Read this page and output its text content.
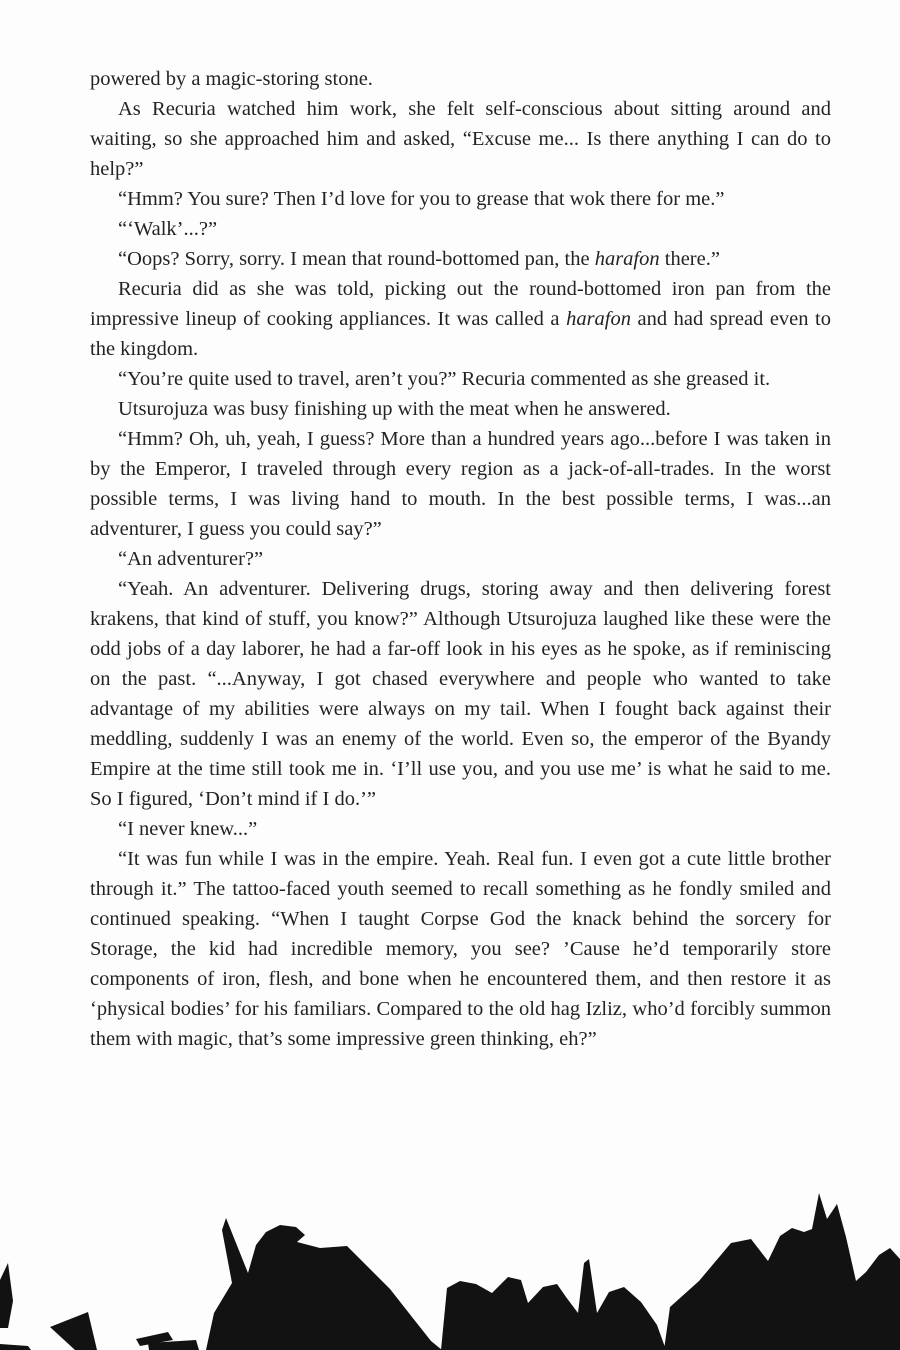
powered by a magic-storing stone.

As Recuria watched him work, she felt self-conscious about sitting around and waiting, so she approached him and asked, “Excuse me... Is there anything I can do to help?”

“Hmm? You sure? Then I’d love for you to grease that wok there for me.”

“‘Walk’...?”

“Oops? Sorry, sorry. I mean that round-bottomed pan, the harafon there.”

Recuria did as she was told, picking out the round-bottomed iron pan from the impressive lineup of cooking appliances. It was called a harafon and had spread even to the kingdom.

“You’re quite used to travel, aren’t you?” Recuria commented as she greased it.

Utsurojuza was busy finishing up with the meat when he answered.

“Hmm? Oh, uh, yeah, I guess? More than a hundred years ago...before I was taken in by the Emperor, I traveled through every region as a jack-of-all-trades. In the worst possible terms, I was living hand to mouth. In the best possible terms, I was...an adventurer, I guess you could say?”

“An adventurer?”

“Yeah. An adventurer. Delivering drugs, storing away and then delivering forest krakens, that kind of stuff, you know?” Although Utsurojuza laughed like these were the odd jobs of a day laborer, he had a far-off look in his eyes as he spoke, as if reminiscing on the past. “...Anyway, I got chased everywhere and people who wanted to take advantage of my abilities were always on my tail. When I fought back against their meddling, suddenly I was an enemy of the world. Even so, the emperor of the Byandy Empire at the time still took me in. ‘I’ll use you, and you use me’ is what he said to me. So I figured, ‘Don’t mind if I do.’”

“I never knew...”

“It was fun while I was in the empire. Yeah. Real fun. I even got a cute little brother through it.” The tattoo-faced youth seemed to recall something as he fondly smiled and continued speaking. “When I taught Corpse God the knack behind the sorcery for Storage, the kid had incredible memory, you see? ’Cause he’d temporarily store components of iron, flesh, and bone when he encountered them, and then restore it as ‘physical bodies’ for his familiars. Compared to the old hag Izliz, who’d forcibly summon them with magic, that’s some impressive green thinking, eh?”
